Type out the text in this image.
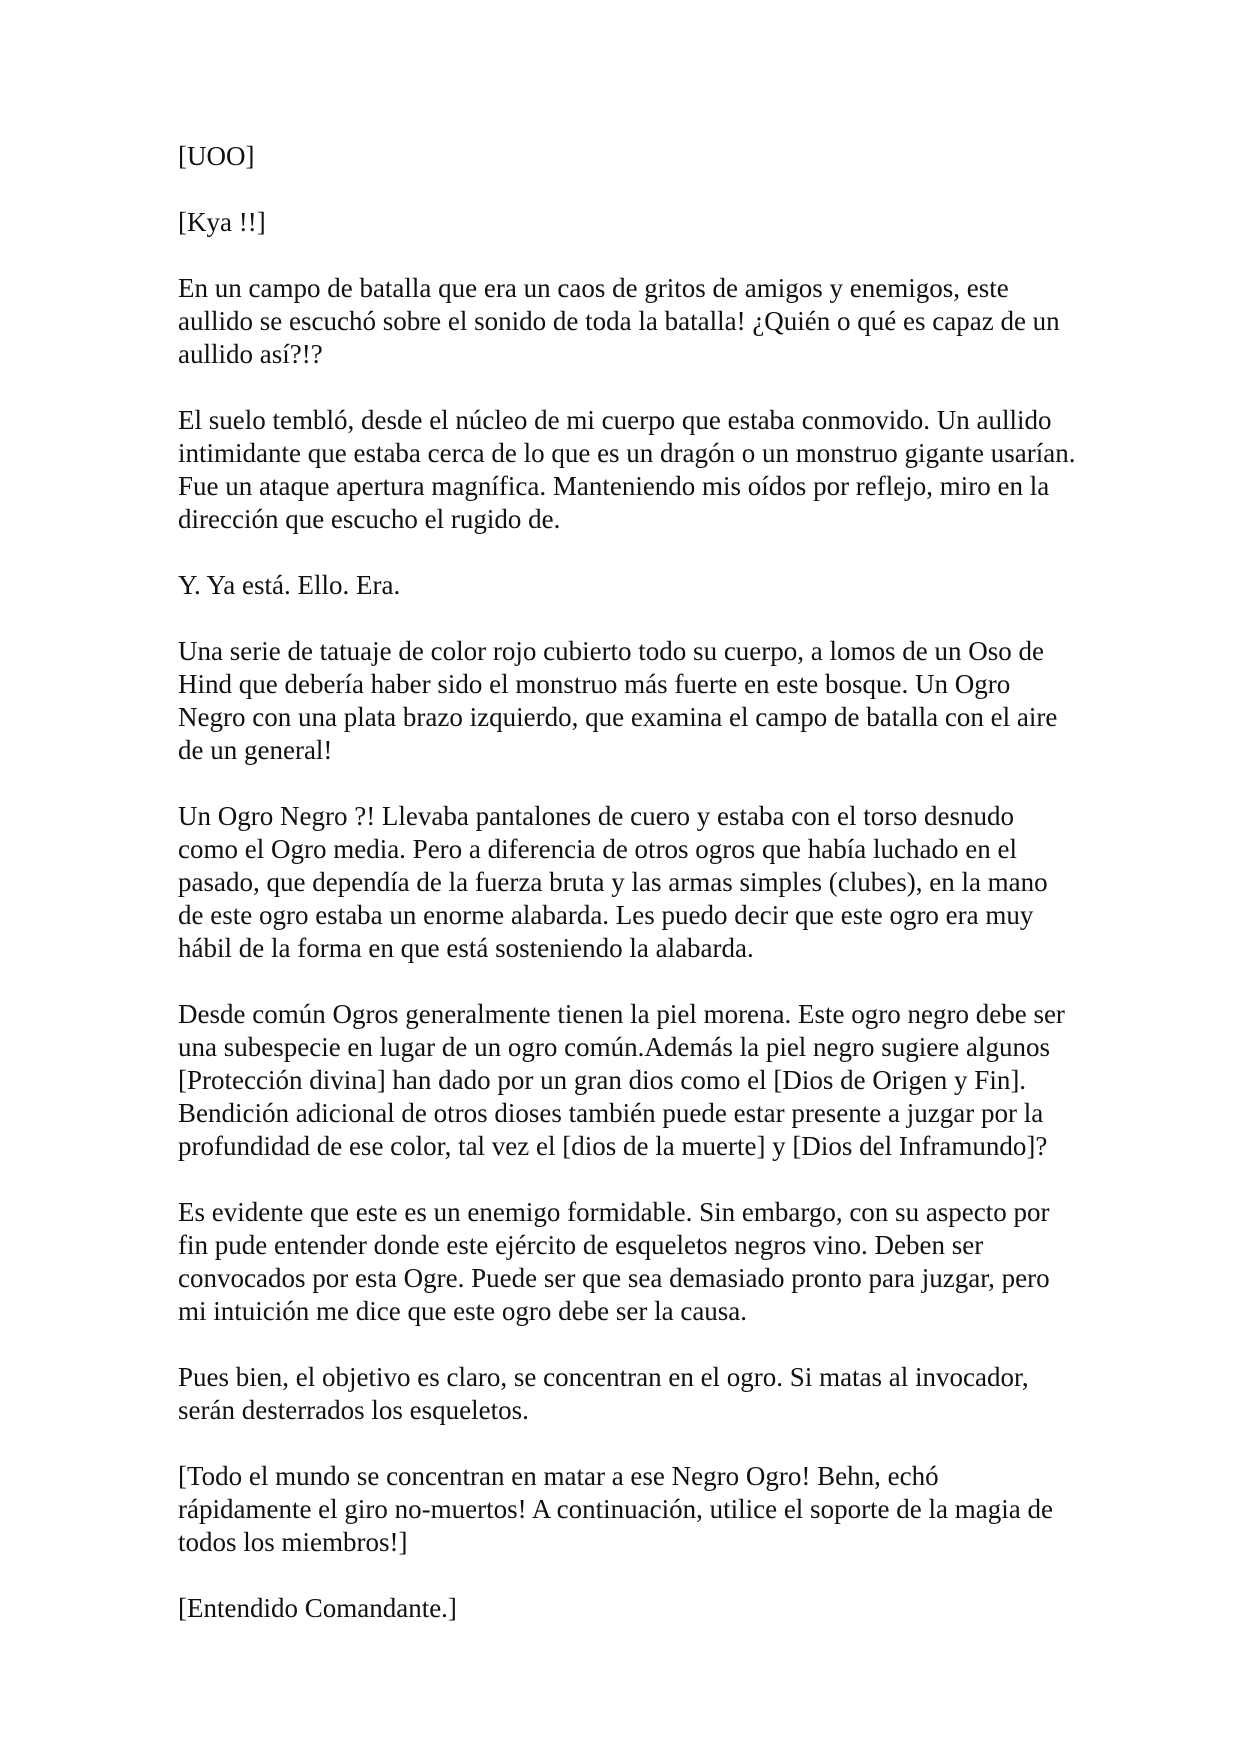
[UOO]

[Kya !!]

En un campo de batalla que era un caos de gritos de amigos y enemigos, este aullido se escuchó sobre el sonido de toda la batalla! ¿Quién o qué es capaz de un aullido así?!?

El suelo tembló, desde el núcleo de mi cuerpo que estaba conmovido. Un aullido intimidante que estaba cerca de lo que es un dragón o un monstruo gigante usarían. Fue un ataque apertura magnífica. Manteniendo mis oídos por reflejo, miro en la dirección que escucho el rugido de.

Y. Ya está. Ello. Era.

Una serie de tatuaje de color rojo cubierto todo su cuerpo, a lomos de un Oso de Hind que debería haber sido el monstruo más fuerte en este bosque. Un Ogro Negro con una plata brazo izquierdo, que examina el campo de batalla con el aire de un general!

Un Ogro Negro ?! Llevaba pantalones de cuero y estaba con el torso desnudo como el Ogro media. Pero a diferencia de otros ogros que había luchado en el pasado, que dependía de la fuerza bruta y las armas simples (clubes), en la mano de este ogro estaba un enorme alabarda. Les puedo decir que este ogro era muy hábil de la forma en que está sosteniendo la alabarda.

Desde común Ogros generalmente tienen la piel morena. Este ogro negro debe ser una subespecie en lugar de un ogro común.Además la piel negro sugiere algunos [Protección divina] han dado por un gran dios como el [Dios de Origen y Fin]. Bendición adicional de otros dioses también puede estar presente a juzgar por la profundidad de ese color, tal vez el [dios de la muerte] y [Dios del Inframundo]?

Es evidente que este es un enemigo formidable. Sin embargo, con su aspecto por fin pude entender donde este ejército de esqueletos negros vino. Deben ser convocados por esta Ogre. Puede ser que sea demasiado pronto para juzgar, pero mi intuición me dice que este ogro debe ser la causa.

Pues bien, el objetivo es claro, se concentran en el ogro. Si matas al invocador, serán desterrados los esqueletos.

[Todo el mundo se concentran en matar a ese Negro Ogro! Behn, echó rápidamente el giro no-muertos! A continuación, utilice el soporte de la magia de todos los miembros!]

[Entendido Comandante.]
